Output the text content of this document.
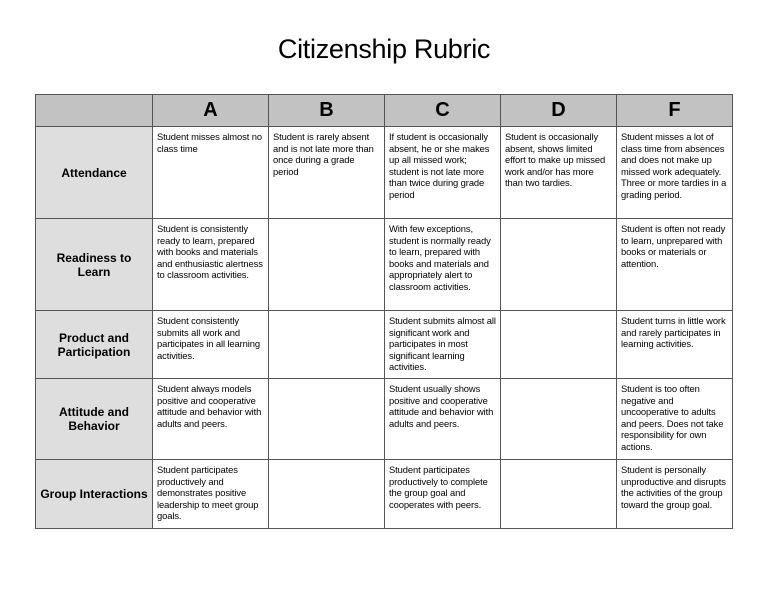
Citizenship Rubric
	A	B	C	D	F
Attendance	Student misses almost no class time	Student is rarely absent and is not late more than once during a grade period	If student is occasionally absent, he or she makes up all missed work; student is not late more than twice during grade period	Student is occasionally absent, shows limited effort to make up missed work and/or has more than two tardies.	Student misses a lot of class time from absences and does not make up missed work adequately. Three or more tardies in a grading period.
Readiness to Learn	Student is consistently ready to learn, prepared with books and materials and enthusiastic alertness to classroom activities.		With few exceptions, student is normally ready to learn, prepared with books and materials and appropriately alert to classroom activities.		Student is often not ready to learn, unprepared with books or materials or attention.
Product and Participation	Student consistently submits all work and participates in all learning activities.		Student submits almost all significant work and participates in most significant learning activities.		Student turns in little work and rarely participates in learning activities.
Attitude and Behavior	Student always models positive and cooperative attitude and behavior with adults and peers.		Student usually shows positive and cooperative attitude and behavior with adults and peers.		Student is too often negative and uncooperative to adults and peers. Does not take responsibility for own actions.
Group Interactions	Student participates productively and demonstrates positive leadership to meet group goals.		Student participates productively to complete the group goal and cooperates with peers.		Student is personally unproductive and disrupts the activities of the group toward the group goal.
